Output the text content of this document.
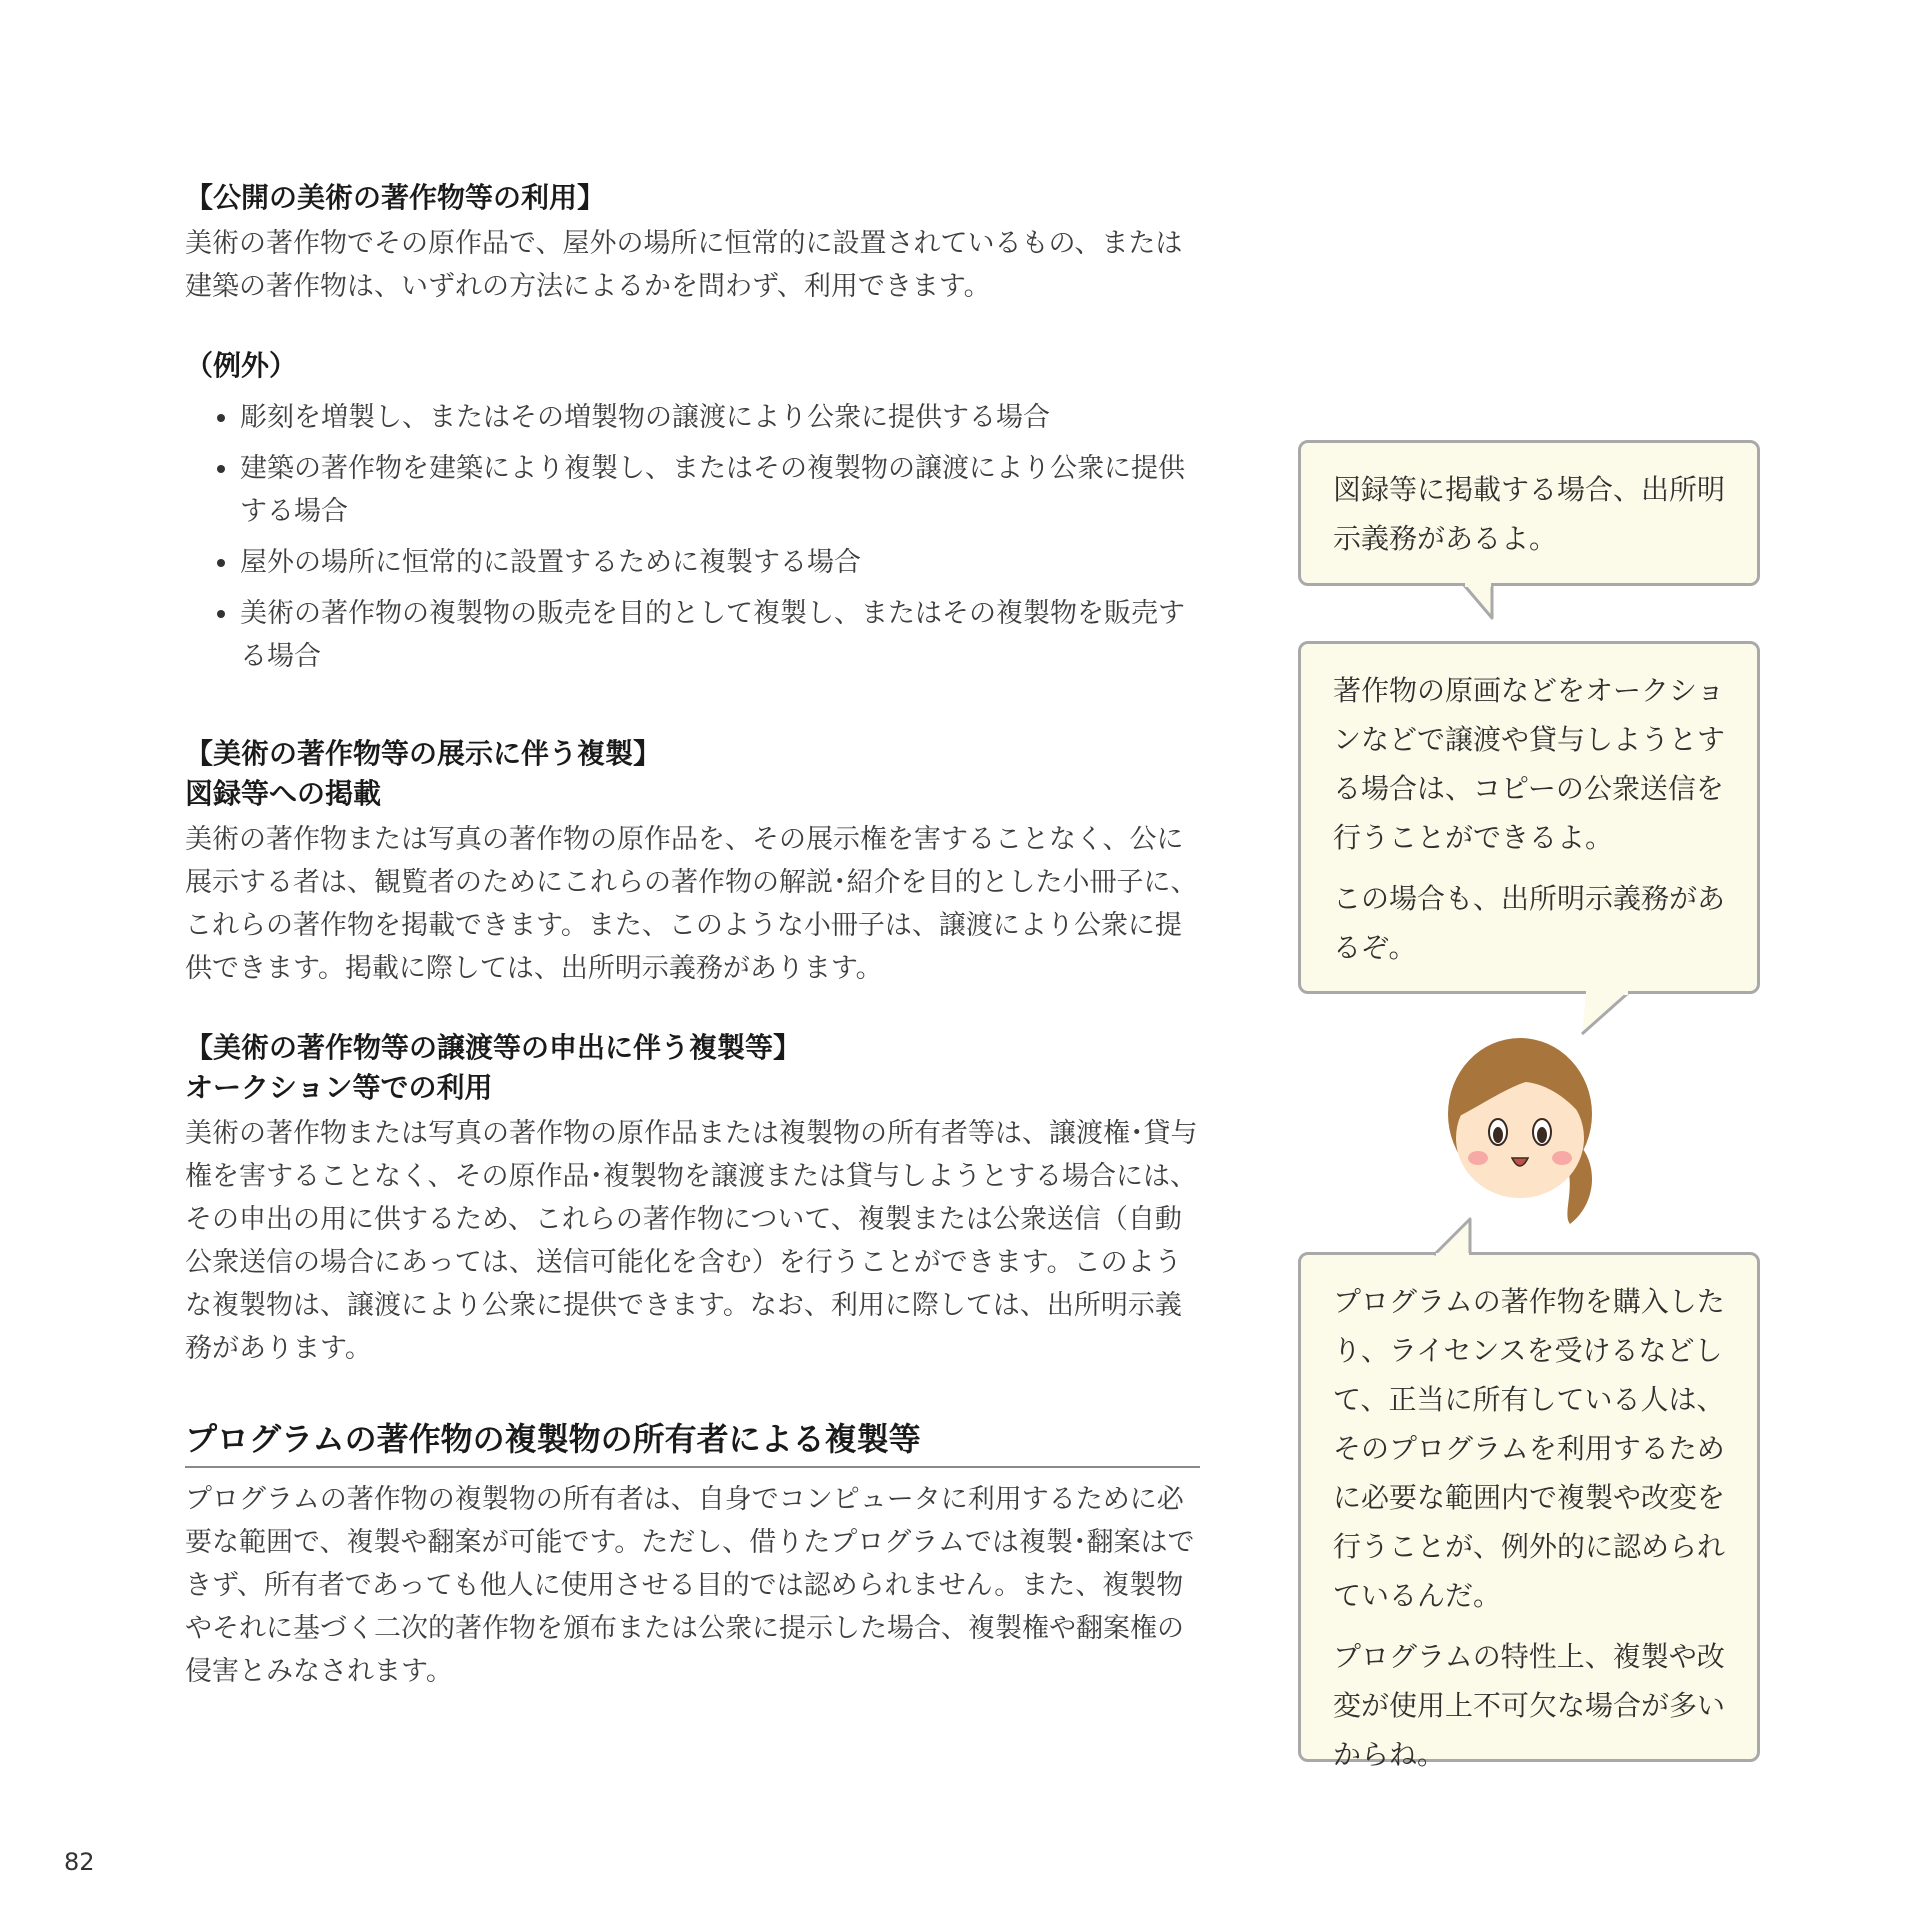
【公開の美術の著作物等の利用】

美術の著作物でその原作品で、屋外の場所に恒常的に設置されているもの、または建築の著作物は、いずれの方法によるかを問わず、利用できます。

（例外）
彫刻を増製し、またはその増製物の譲渡により公衆に提供する場合
建築の著作物を建築により複製し、またはその複製物の譲渡により公衆に提供する場合
屋外の場所に恒常的に設置するために複製する場合
美術の著作物の複製物の販売を目的として複製し、またはその複製物を販売する場合
【美術の著作物等の展示に伴う複製】
図録等への掲載

美術の著作物または写真の著作物の原作品を、その展示権を害することなく、公に展示する者は、観覧者のためにこれらの著作物の解説･紹介を目的とした小冊子に、これらの著作物を掲載できます。また、このような小冊子は、譲渡により公衆に提供できます。掲載に際しては、出所明示義務があります。

【美術の著作物等の譲渡等の申出に伴う複製等】
オークション等での利用

美術の著作物または写真の著作物の原作品または複製物の所有者等は、譲渡権･貸与権を害することなく、その原作品･複製物を譲渡または貸与しようとする場合には、その申出の用に供するため、これらの著作物について、複製または公衆送信（自動公衆送信の場合にあっては、送信可能化を含む）を行うことができます。このような複製物は、譲渡により公衆に提供できます。なお、利用に際しては、出所明示義務があります。

プログラムの著作物の複製物の所有者による複製等

プログラムの著作物の複製物の所有者は、自身でコンピュータに利用するために必要な範囲で、複製や翻案が可能です。ただし、借りたプログラムでは複製･翻案はできず、所有者であっても他人に使用させる目的では認められません。また、複製物やそれに基づく二次的著作物を頒布または公衆に提示した場合、複製権や翻案権の侵害とみなされます。

図録等に掲載する場合、出所明示義務があるよ。

著作物の原画などをオークションなどで譲渡や貸与しようとする場合は、コピーの公衆送信を行うことができるよ。

この場合も、出所明示義務があるぞ。

プログラムの著作物を購入したり、ライセンスを受けるなどして、正当に所有している人は、そのプログラムを利用するために必要な範囲内で複製や改変を行うことが、例外的に認められているんだ。

プログラムの特性上、複製や改変が使用上不可欠な場合が多いからね。

82
